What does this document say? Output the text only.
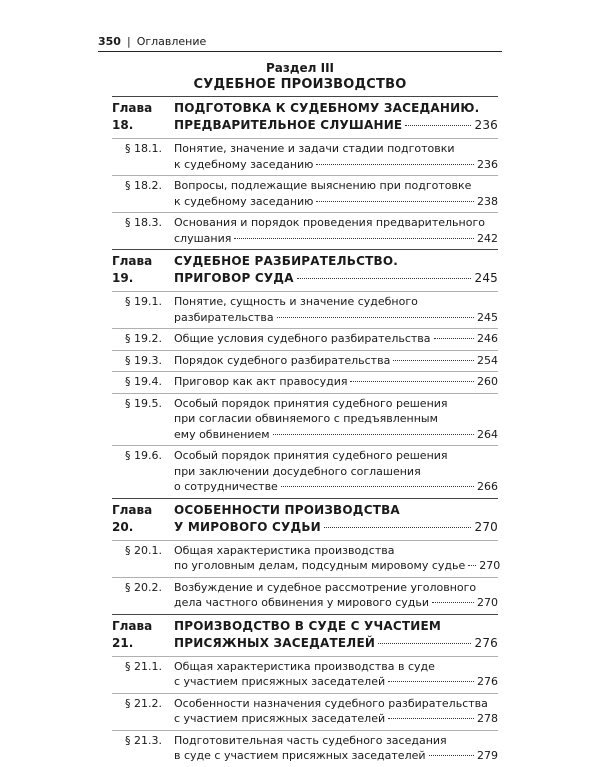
350 | Оглавление
Раздел III
СУДЕБНОЕ ПРОИЗВОДСТВО
Глава 18.
ПОДГОТОВКА К СУДЕБНОМУ ЗАСЕДАНИЮ.
ПРЕДВАРИТЕЛЬНОЕ СЛУШАНИЕ	236
§ 18.1.	Понятие, значение и задачи стадии подготовки
к судебному заседанию	236
§ 18.2.	Вопросы, подлежащие выяснению при подготовке
к судебному заседанию	238
§ 18.3.	Основания и порядок проведения предварительного
слушания	242
Глава 19.
СУДЕБНОЕ РАЗБИРАТЕЛЬСТВО.
ПРИГОВОР СУДА	245
§ 19.1.	Понятие, сущность и значение судебного
разбирательства	245
§ 19.2.	Общие условия судебного разбирательства	246
§ 19.3.	Порядок судебного разбирательства	254
§ 19.4.	Приговор как акт правосудия	260
§ 19.5.	Особый порядок принятия судебного решения
при согласии обвиняемого с предъявленным
ему обвинением	264
§ 19.6.	Особый порядок принятия судебного решения
при заключении досудебного соглашения
о сотрудничестве	266
Глава 20.
ОСОБЕННОСТИ ПРОИЗВОДСТВА
У МИРОВОГО СУДЬИ	270
§ 20.1.	Общая характеристика производства
по уголовным делам, подсудным мировому судье 270
§ 20.2.	Возбуждение и судебное рассмотрение уголовного
дела частного обвинения у мирового судьи	270
Глава 21.
ПРОИЗВОДСТВО В СУДЕ С УЧАСТИЕМ
ПРИСЯЖНЫХ ЗАСЕДАТЕЛЕЙ	276
§ 21.1.	Общая характеристика производства в суде
с участием присяжных заседателей	276
§ 21.2.	Особенности назначения судебного разбирательства
с участием присяжных заседателей	278
§ 21.3.	Подготовительная часть судебного заседания
в суде с участием присяжных заседателей	279
